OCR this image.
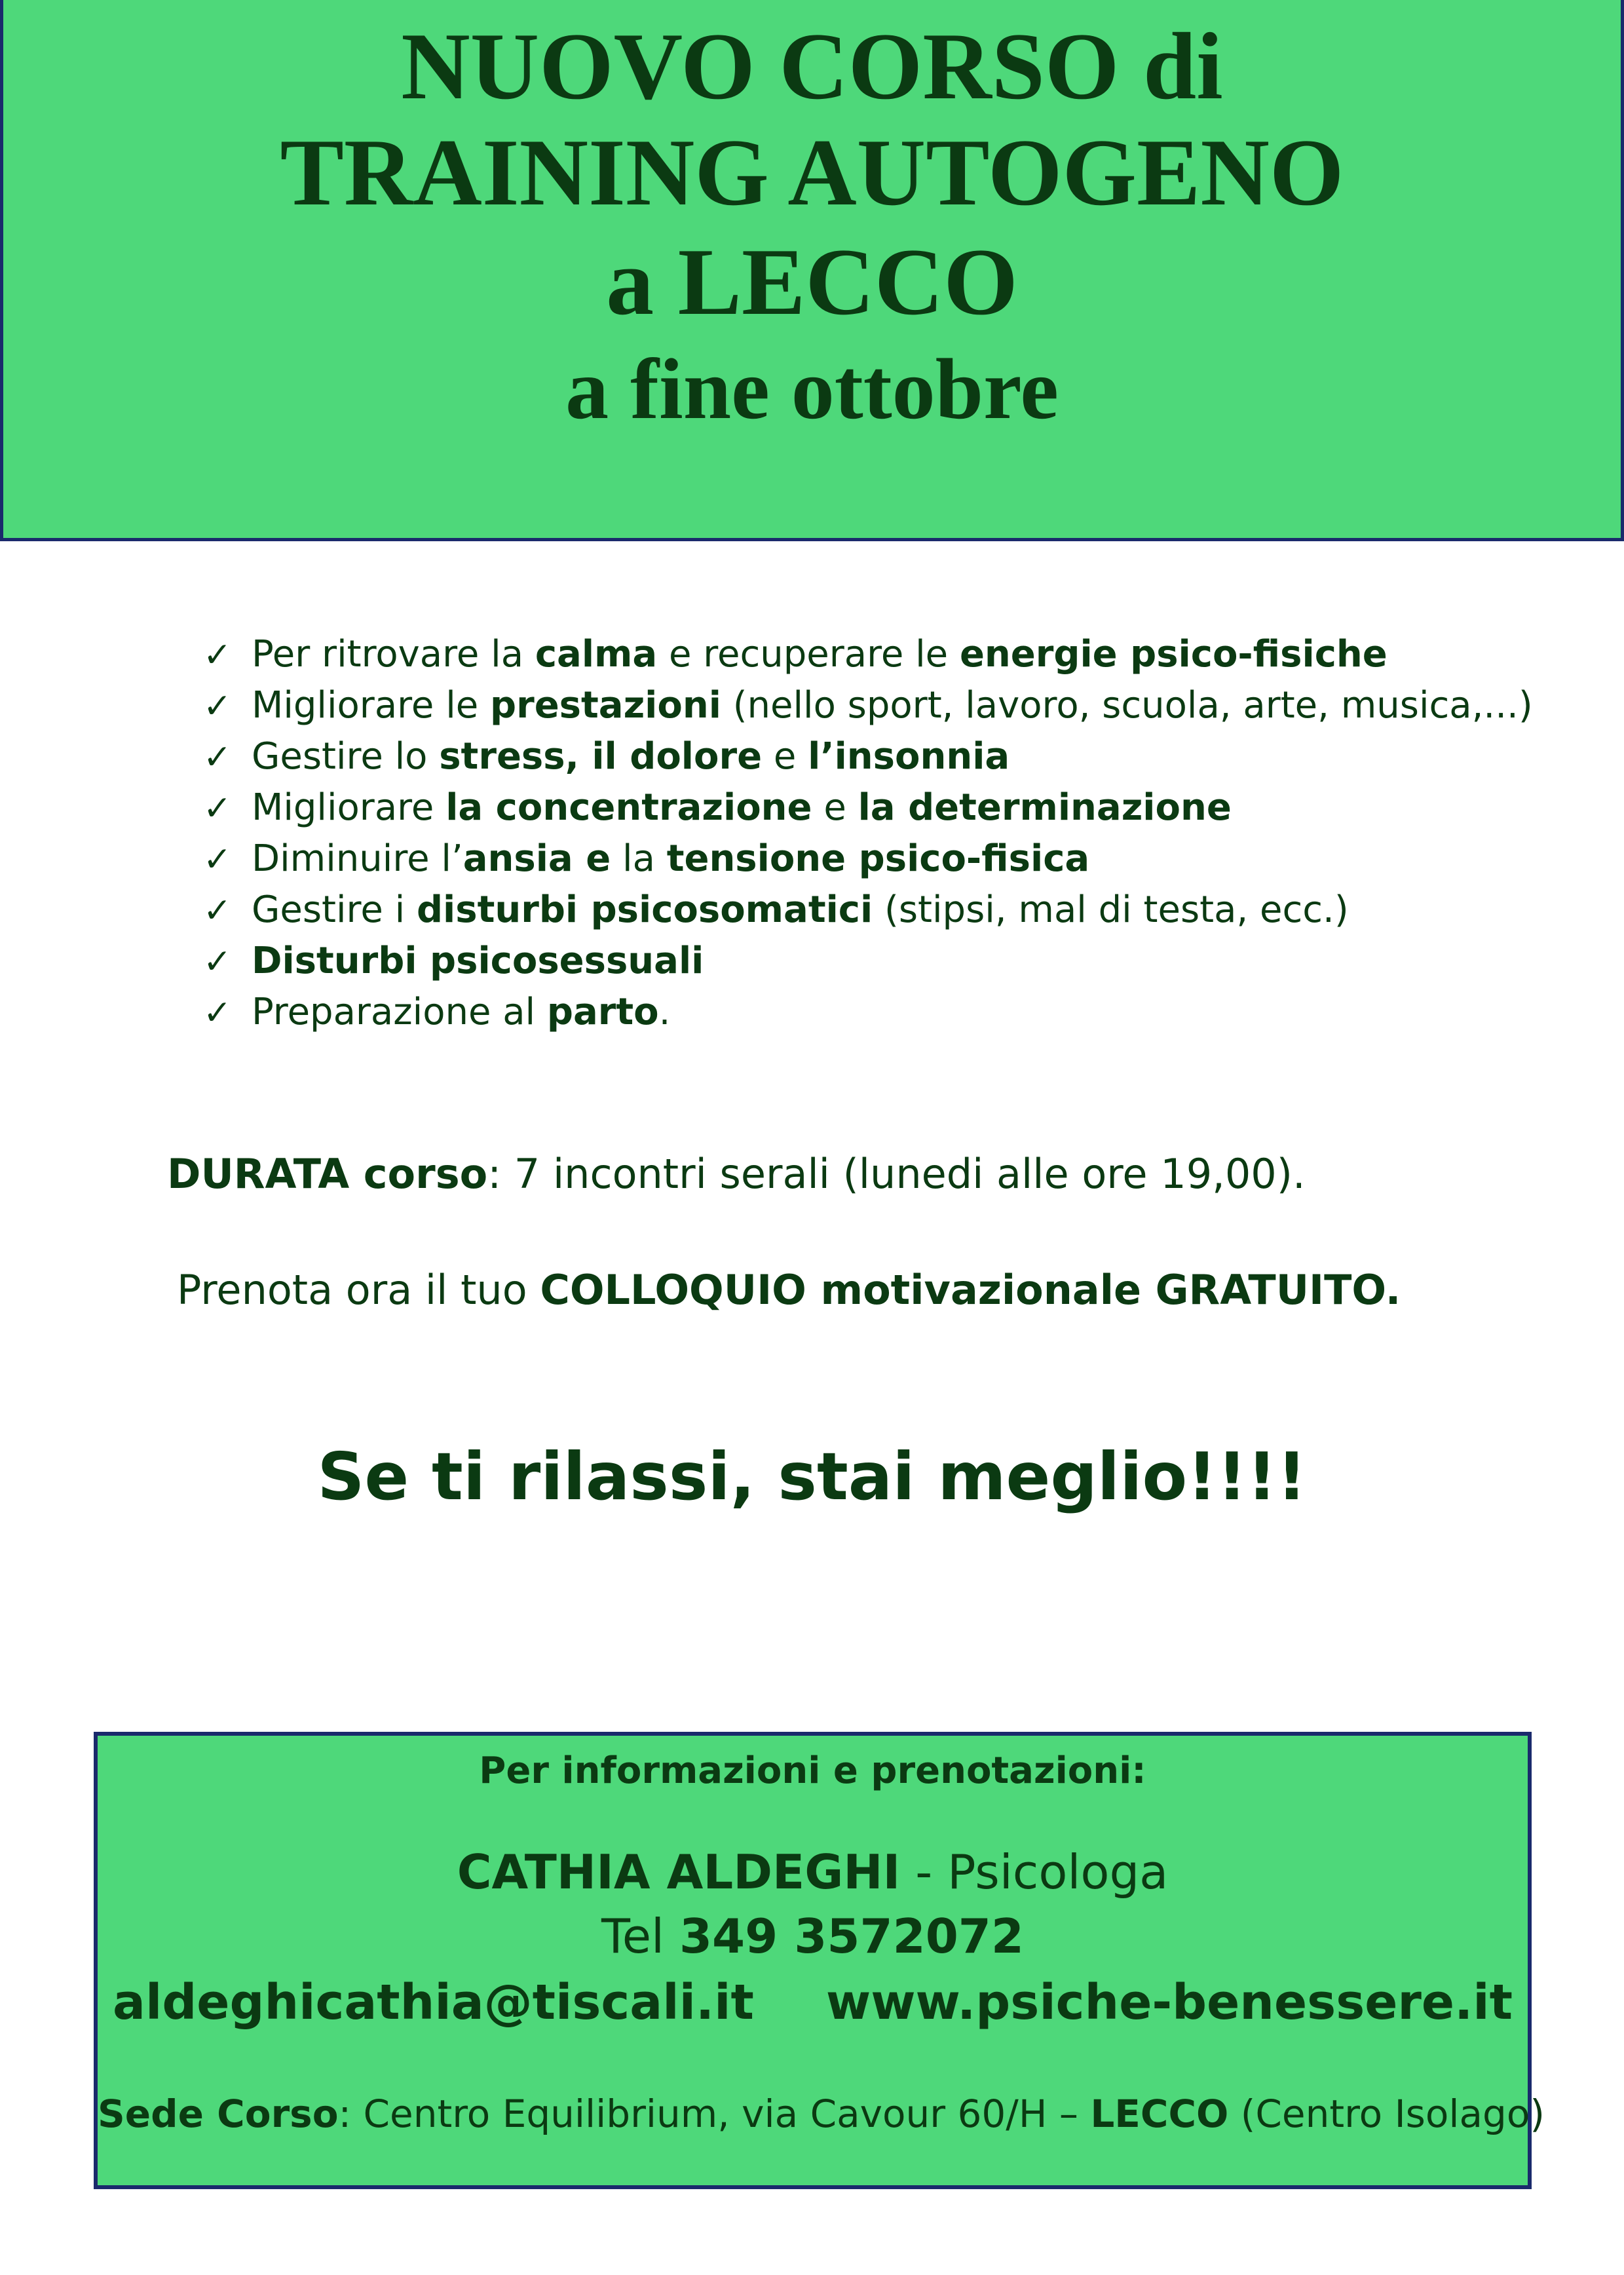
NUOVO CORSO di
TRAINING AUTOGENO
a LECCO
a fine ottobre
✓ Per ritrovare la calma e recuperare le energie psico-fisiche
✓ Migliorare le prestazioni (nello sport, lavoro, scuola, arte, musica,...)
✓ Gestire lo stress, il dolore e l’insonnia
✓ Migliorare la concentrazione e la determinazione
✓ Diminuire l’ansia e la tensione psico-fisica
✓ Gestire i disturbi psicosomatici (stipsi, mal di testa, ecc.)
✓ Disturbi psicosessuali
✓ Preparazione al parto.
DURATA corso: 7 incontri serali (lunedi alle ore 19,00).
Prenota ora il tuo COLLOQUIO motivazionale GRATUITO.
Se ti rilassi, stai meglio!!!!
Per informazioni e prenotazioni:
CATHIA ALDEGHI - Psicologa
Tel 349 3572072
aldeghicathia@tiscali.it www.psiche-benessere.it
Sede Corso: Centro Equilibrium, via Cavour 60/H – LECCO (Centro Isolago)
